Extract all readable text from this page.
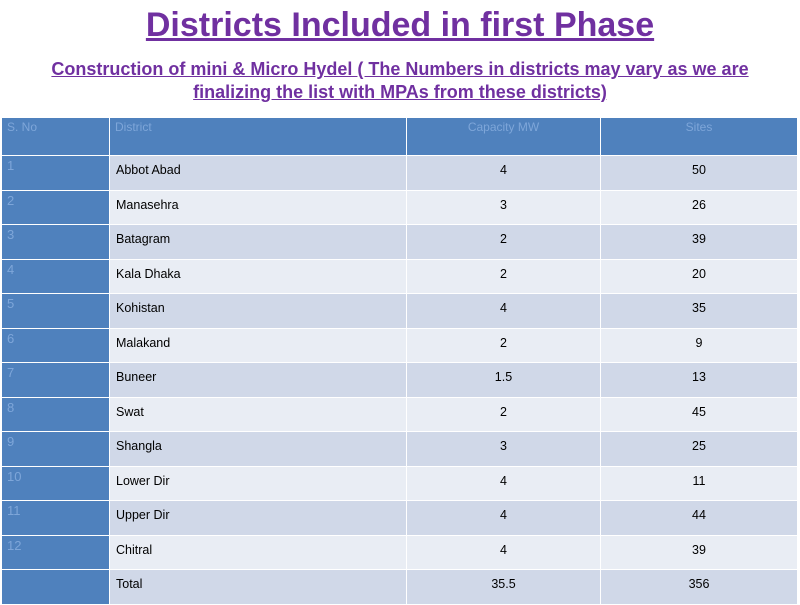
Districts Included in first Phase
Construction of mini & Micro Hydel ( The Numbers in districts may vary as we are finalizing the list with MPAs from these districts)
S. No	District	Capacity MW	Sites
1	Abbot Abad	4	50
2	Manasehra	3	26
3	Batagram	2	39
4	Kala Dhaka	2	20
5	Kohistan	4	35
6	Malakand	2	9
7	Buneer	1.5	13
8	Swat	2	45
9	Shangla	3	25
10	Lower Dir	4	11
11	Upper Dir	4	44
12	Chitral	4	39
	Total	35.5	356
